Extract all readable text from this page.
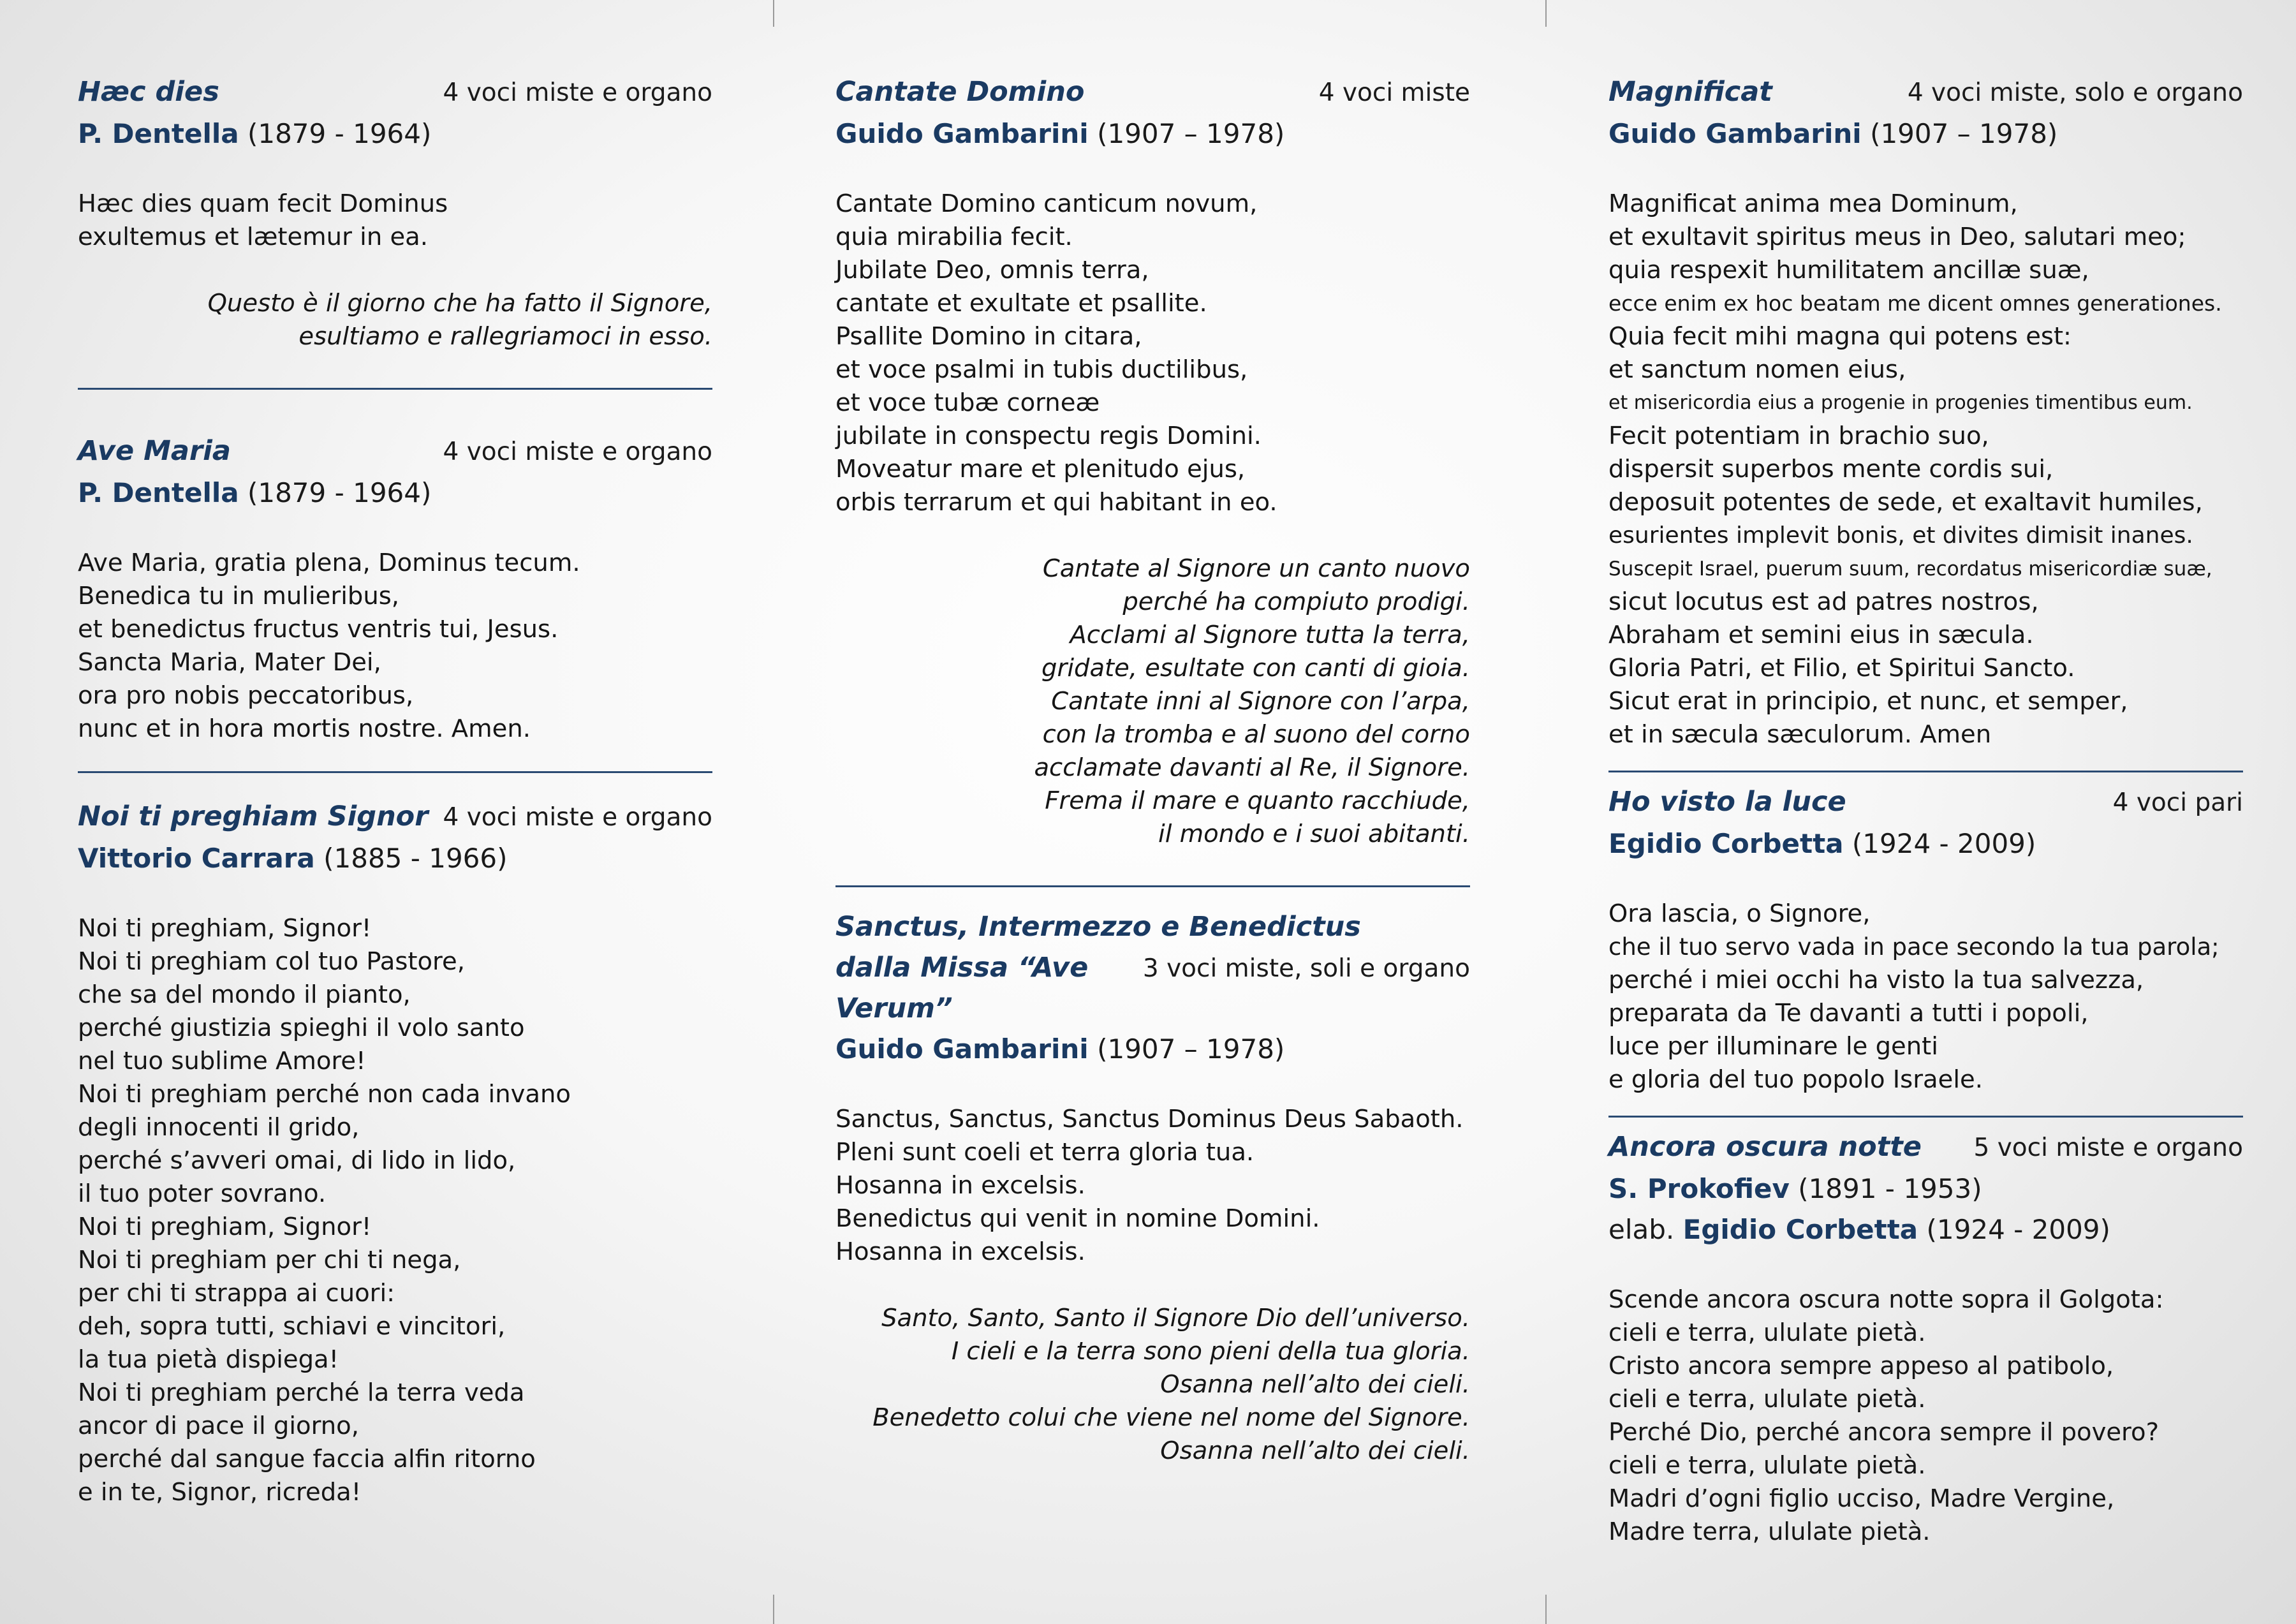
Hæc dies	4 voci miste e organo
P. Dentella (1879 - 1964)
Hæc dies quam fecit Dominus
exultemus et lætemur in ea.
Questo è il giorno che ha fatto il Signore,
esultiamo e rallegriamoci in esso.
Ave Maria	4 voci miste e organo
P. Dentella (1879 - 1964)
Ave Maria, gratia plena, Dominus tecum.
Benedica tu in mulieribus,
et benedictus fructus ventris tui, Jesus.
Sancta Maria, Mater Dei,
ora pro nobis peccatoribus,
nunc et in hora mortis nostre. Amen.
Noi ti preghiam Signor 4 voci miste e organo
Vittorio Carrara (1885 - 1966)
Noi ti preghiam, Signor!
Noi ti preghiam col tuo Pastore,
che sa del mondo il pianto,
perché giustizia spieghi il volo santo
nel tuo sublime Amore!
Noi ti preghiam perché non cada invano
degli innocenti il grido,
perché s’avveri omai, di lido in lido,
il tuo poter sovrano.
Noi ti preghiam, Signor!
Noi ti preghiam per chi ti nega,
per chi ti strappa ai cuori:
deh, sopra tutti, schiavi e vincitori,
la tua pietà dispiega!
Noi ti preghiam perché la terra veda
ancor di pace il giorno,
perché dal sangue faccia alfin ritorno
e in te, Signor, ricreda!
Cantate Domino	4 voci miste
Guido Gambarini (1907 – 1978)
Cantate Domino canticum novum,
quia mirabilia fecit.
Jubilate Deo, omnis terra,
cantate et exultate et psallite.
Psallite Domino in citara,
et voce psalmi in tubis ductilibus,
et voce tubæ corneæ
jubilate in conspectu regis Domini.
Moveatur mare et plenitudo ejus,
orbis terrarum et qui habitant in eo.
Cantate al Signore un canto nuovo
perché ha compiuto prodigi.
Acclami al Signore tutta la terra,
gridate, esultate con canti di gioia.
Cantate inni al Signore con l’arpa,
con la tromba e al suono del corno
acclamate davanti al Re, il Signore.
Frema il mare e quanto racchiude,
il mondo e i suoi abitanti.
Sanctus, Intermezzo e Benedictus
dalla Missa “Ave Verum”
3 voci miste, soli e organo
Guido Gambarini (1907 – 1978)
Sanctus, Sanctus, Sanctus Dominus Deus Sabaoth.
Pleni sunt coeli et terra gloria tua.
Hosanna in excelsis.
Benedictus qui venit in nomine Domini.
Hosanna in excelsis.
Santo, Santo, Santo il Signore Dio dell’universo.
I cieli e la terra sono pieni della tua gloria.
Osanna nell’alto dei cieli.
Benedetto colui che viene nel nome del Signore.
Osanna nell’alto dei cieli.
Magnificat	4 voci miste, solo e organo
Guido Gambarini (1907 – 1978)
Magnificat anima mea Dominum,
et exultavit spiritus meus in Deo, salutari meo;
quia respexit humilitatem ancillæ suæ,
ecce enim ex hoc beatam me dicent omnes generationes.
Quia fecit mihi magna qui potens est:
et sanctum nomen eius,
et misericordia eius a progenie in progenies timentibus eum.
Fecit potentiam in brachio suo,
dispersit superbos mente cordis sui,
deposuit potentes de sede, et exaltavit humiles,
esurientes implevit bonis, et divites dimisit inanes.
Suscepit Israel, puerum suum, recordatus misericordiæ suæ,
sicut locutus est ad patres nostros,
Abraham et semini eius in sæcula.
Gloria Patri, et Filio, et Spiritui Sancto.
Sicut erat in principio, et nunc, et semper,
et in sæcula sæculorum. Amen
Ho visto la luce	4 voci pari
Egidio Corbetta (1924 - 2009)
Ora lascia, o Signore,
che il tuo servo vada in pace secondo la tua parola;
perché i miei occhi ha visto la tua salvezza,
preparata da Te davanti a tutti i popoli,
luce per illuminare le genti
e gloria del tuo popolo Israele.
Ancora oscura notte 5 voci miste e organo
S. Prokofiev (1891 - 1953)
elab. Egidio Corbetta (1924 - 2009)
Scende ancora oscura notte sopra il Golgota:
cieli e terra, ululate pietà.
Cristo ancora sempre appeso al patibolo,
cieli e terra, ululate pietà.
Perché Dio, perché ancora sempre il povero?
cieli e terra, ululate pietà.
Madri d’ogni figlio ucciso, Madre Vergine,
Madre terra, ululate pietà.
